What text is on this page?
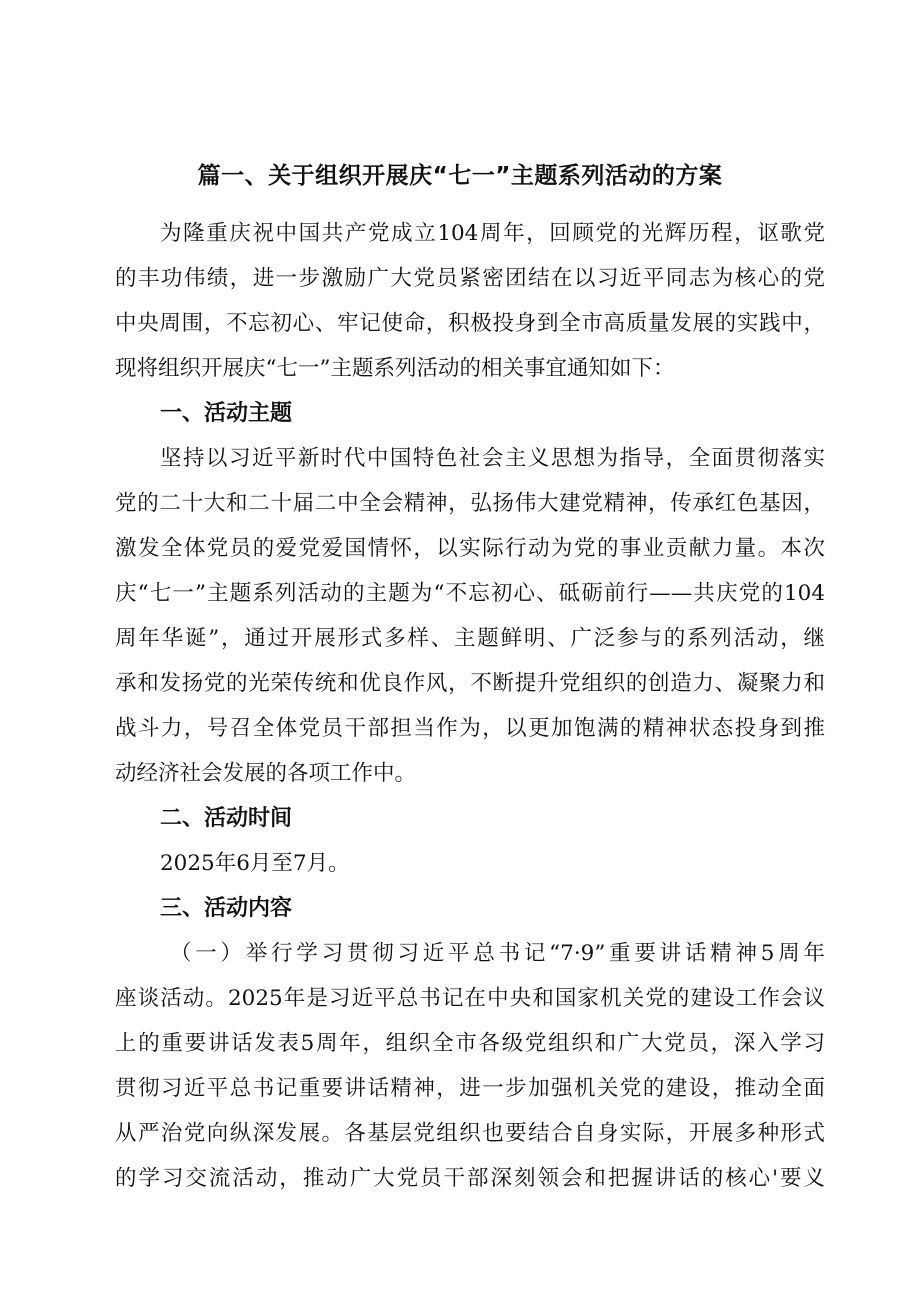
篇一、关于组织开展庆“七一”主题系列活动的方案

为隆重庆祝中国共产党成立104周年，回顾党的光辉历程，讴歌党

的丰功伟绩，进一步激励广大党员紧密团结在以习近平同志为核心的党

中央周围，不忘初心、牢记使命，积极投身到全市高质量发展的实践中，

现将组织开展庆“七一”主题系列活动的相关事宜通知如下：

一、活动主题

坚持以习近平新时代中国特色社会主义思想为指导，全面贯彻落实

党的二十大和二十届二中全会精神，弘扬伟大建党精神，传承红色基因，

激发全体党员的爱党爱国情怀，以实际行动为党的事业贡献力量。本次

庆“七一”主题系列活动的主题为“不忘初心、砥砺前行——共庆党的104

周年华诞”，通过开展形式多样、主题鲜明、广泛参与的系列活动，继

承和发扬党的光荣传统和优良作风，不断提升党组织的创造力、凝聚力和

战斗力，号召全体党员干部担当作为，以更加饱满的精神状态投身到推

动经济社会发展的各项工作中。

二、活动时间

2025年6月至7月。

三、活动内容

（一）举行学习贯彻习近平总书记“7·9”重要讲话精神5周年

座谈活动。2025年是习近平总书记在中央和国家机关党的建设工作会议

上的重要讲话发表5周年，组织全市各级党组织和广大党员，深入学习

贯彻习近平总书记重要讲话精神，进一步加强机关党的建设，推动全面

从严治党向纵深发展。各基层党组织也要结合自身实际，开展多种形式

的学习交流活动，推动广大党员干部深刻领会和把握讲话的核心'要义
